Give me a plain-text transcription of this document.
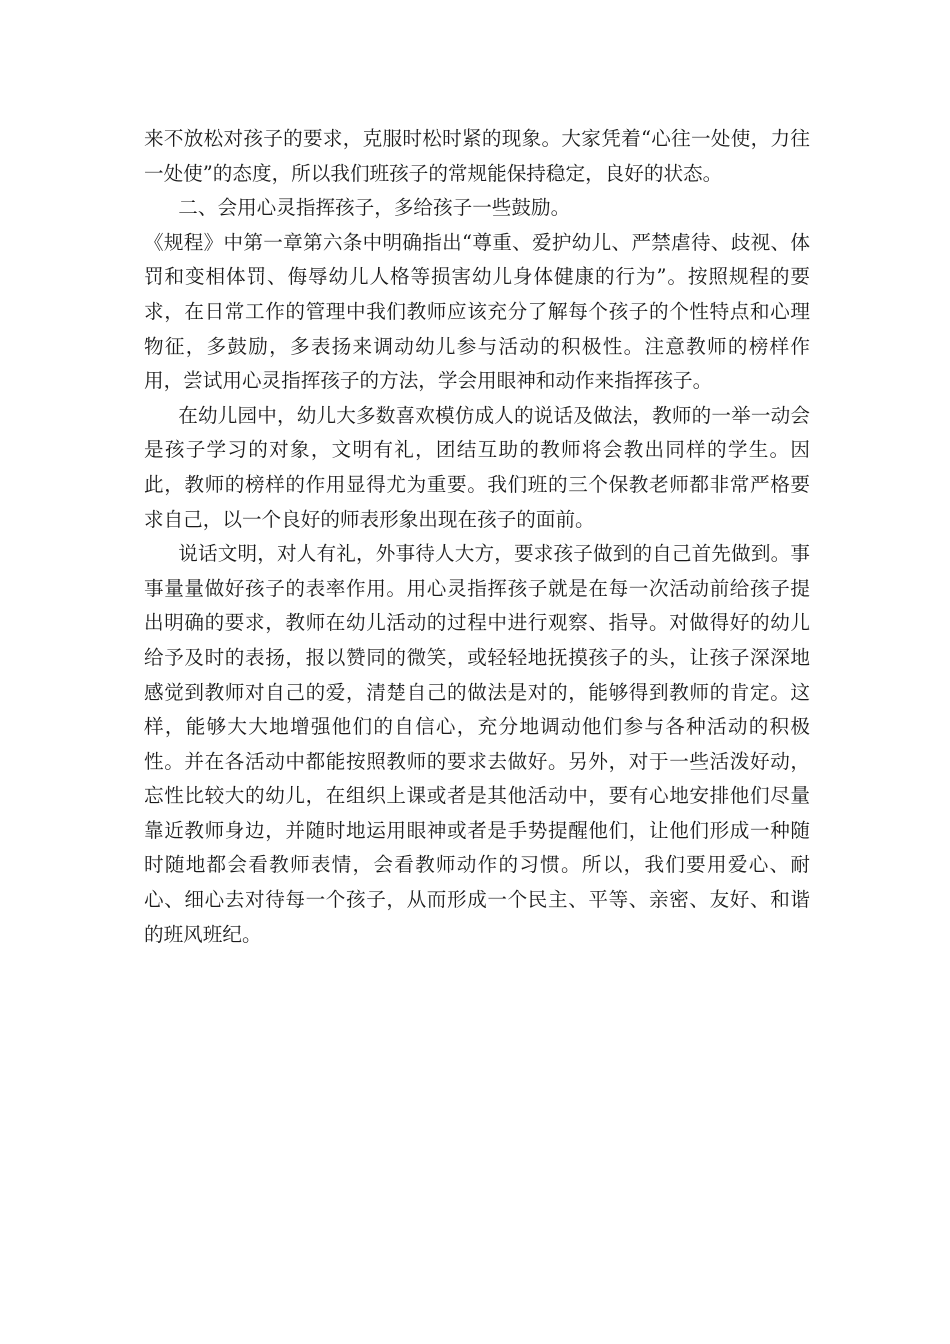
来不放松对孩子的要求，克服时松时紧的现象。大家凭着“心往一处使，力往一处使”的态度，所以我们班孩子的常规能保持稳定，良好的状态。

二、会用心灵指挥孩子，多给孩子一些鼓励。

《规程》中第一章第六条中明确指出“尊重、爱护幼儿、严禁虐待、歧视、体罚和变相体罚、侮辱幼儿人格等损害幼儿身体健康的行为”。按照规程的要求，在日常工作的管理中我们教师应该充分了解每个孩子的个性特点和心理物征，多鼓励，多表扬来调动幼儿参与活动的积极性。注意教师的榜样作用，尝试用心灵指挥孩子的方法，学会用眼神和动作来指挥孩子。

在幼儿园中，幼儿大多数喜欢模仿成人的说话及做法，教师的一举一动会是孩子学习的对象，文明有礼，团结互助的教师将会教出同样的学生。因此，教师的榜样的作用显得尤为重要。我们班的三个保教老师都非常严格要求自己，以一个良好的师表形象出现在孩子的面前。

说话文明，对人有礼，外事待人大方，要求孩子做到的自己首先做到。事事量量做好孩子的表率作用。用心灵指挥孩子就是在每一次活动前给孩子提出明确的要求，教师在幼儿活动的过程中进行观察、指导。对做得好的幼儿给予及时的表扬，报以赞同的微笑，或轻轻地抚摸孩子的头，让孩子深深地感觉到教师对自己的爱，清楚自己的做法是对的，能够得到教师的肯定。这样，能够大大地增强他们的自信心，充分地调动他们参与各种活动的积极性。并在各活动中都能按照教师的要求去做好。另外，对于一些活泼好动，忘性比较大的幼儿，在组织上课或者是其他活动中，要有心地安排他们尽量靠近教师身边，并随时地运用眼神或者是手势提醒他们，让他们形成一种随时随地都会看教师表情，会看教师动作的习惯。所以，我们要用爱心、耐心、细心去对待每一个孩子，从而形成一个民主、平等、亲密、友好、和谐的班风班纪。
